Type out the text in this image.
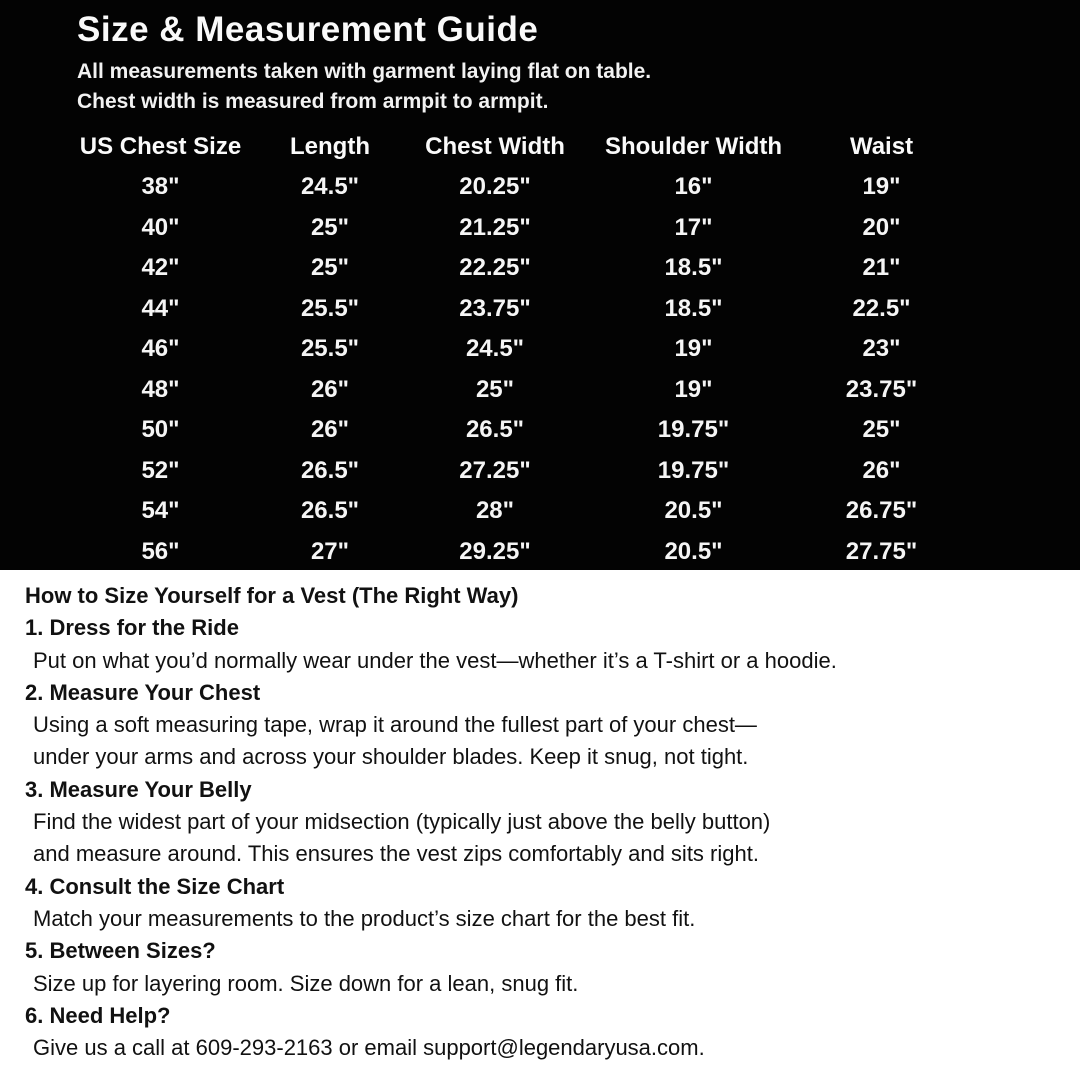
Size & Measurement Guide

All measurements taken with garment laying flat on table.

Chest width is measured from armpit to armpit.

US Chest Size	Length	Chest Width	Shoulder Width	Waist
38"	24.5"	20.25"	16"	19"
40"	25"	21.25"	17"	20"
42"	25"	22.25"	18.5"	21"
44"	25.5"	23.75"	18.5"	22.5"
46"	25.5"	24.5"	19"	23"
48"	26"	25"	19"	23.75"
50"	26"	26.5"	19.75"	25"
52"	26.5"	27.25"	19.75"	26"
54"	26.5"	28"	20.5"	26.75"
56"	27"	29.25"	20.5"	27.75"

How to Size Yourself for a Vest (The Right Way)

1. Dress for the Ride

Put on what you’d normally wear under the vest—whether it’s a T-shirt or a hoodie.

2. Measure Your Chest

Using a soft measuring tape, wrap it around the fullest part of your chest—

under your arms and across your shoulder blades. Keep it snug, not tight.

3. Measure Your Belly

Find the widest part of your midsection (typically just above the belly button)

and measure around. This ensures the vest zips comfortably and sits right.

4. Consult the Size Chart

Match your measurements to the product’s size chart for the best fit.

5. Between Sizes?

Size up for layering room. Size down for a lean, snug fit.

6. Need Help?

Give us a call at 609-293-2163 or email support@legendaryusa.com.
